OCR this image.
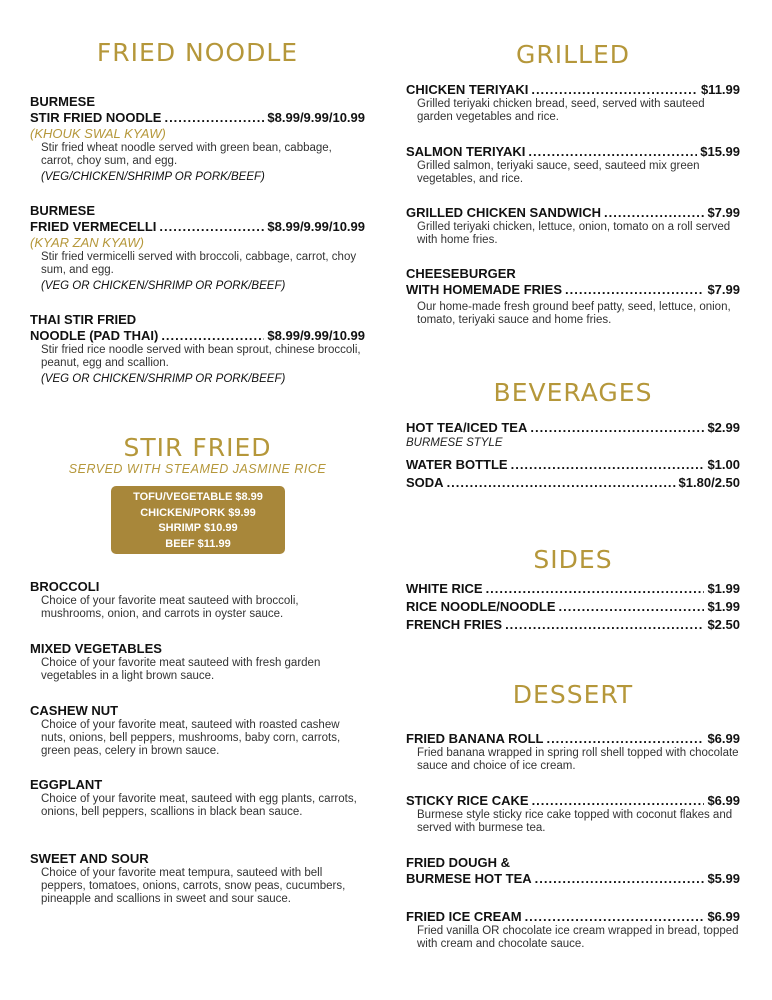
FRIED NOODLE
BURMESE
STIR FRIED NOODLE .....	$8.99/9.99/10.99
(KHOUK SWAL KYAW)
Stir fried wheat noodle served with green bean, cabbage, carrot, choy sum, and egg.
(VEG/CHICKEN/SHRIMP OR PORK/BEEF)
BURMESE
FRIED VERMECELLI .....	$8.99/9.99/10.99
(KYAR ZAN KYAW)
Stir fried vermicelli served with broccoli, cabbage, carrot, choy sum, and egg.
(VEG OR CHICKEN/SHRIMP OR PORK/BEEF)
THAI STIR FRIED
NOODLE (PAD THAI) .....	$8.99/9.99/10.99
Stir fried rice noodle served with bean sprout, chinese broccoli, peanut, egg and scallion.
(VEG OR CHICKEN/SHRIMP OR PORK/BEEF)
STIR FRIED
SERVED WITH STEAMED JASMINE RICE
TOFU/VEGETABLE $8.99
CHICKEN/PORK $9.99
SHRIMP $10.99
BEEF $11.99
BROCCOLI
Choice of your favorite meat sauteed with broccoli, mushrooms, onion, and carrots in oyster sauce.
MIXED VEGETABLES
Choice of your favorite meat sauteed with fresh garden vegetables in a light brown sauce.
CASHEW NUT
Choice of your favorite meat, sauteed with roasted cashew nuts, onions, bell peppers, mushrooms, baby corn, carrots, green peas, celery in brown sauce.
EGGPLANT
Choice of your favorite meat, sauteed with egg plants, carrots, onions, bell peppers, scallions in black bean sauce.
SWEET AND SOUR
Choice of your favorite meat tempura, sauteed with bell peppers, tomatoes, onions, carrots, snow peas, cucumbers, pineapple and scallions in sweet and sour sauce.
GRILLED
CHICKEN TERIYAKI .....	$11.99
Grilled teriyaki chicken bread, seed, served with sauteed garden vegetables and rice.
SALMON TERIYAKI .....	$15.99
Grilled salmon, teriyaki sauce, seed, sauteed mix green vegetables, and rice.
GRILLED CHICKEN SANDWICH .....	$7.99
Grilled teriyaki chicken, lettuce, onion, tomato on a roll served with home fries.
CHEESEBURGER
WITH HOMEMADE FRIES .....	$7.99
Our home-made fresh ground beef patty, seed, lettuce, onion, tomato, teriyaki sauce and home fries.
BEVERAGES
HOT TEA/ICED TEA .....	$2.99
BURMESE STYLE
WATER BOTTLE .....	$1.00
SODA .....	$1.80/2.50
SIDES
WHITE RICE .....	$1.99
RICE NOODLE/NOODLE .....	$1.99
FRENCH FRIES .....	$2.50
DESSERT
FRIED BANANA ROLL .....	$6.99
Fried banana wrapped in spring roll shell topped with chocolate sauce and choice of ice cream.
STICKY RICE CAKE .....	$6.99
Burmese style sticky rice cake topped with coconut flakes and served with burmese tea.
FRIED DOUGH &
BURMESE HOT TEA .....	$5.99
FRIED ICE CREAM .....	$6.99
Fried vanilla OR chocolate ice cream wrapped in bread, topped with cream and chocolate sauce.
